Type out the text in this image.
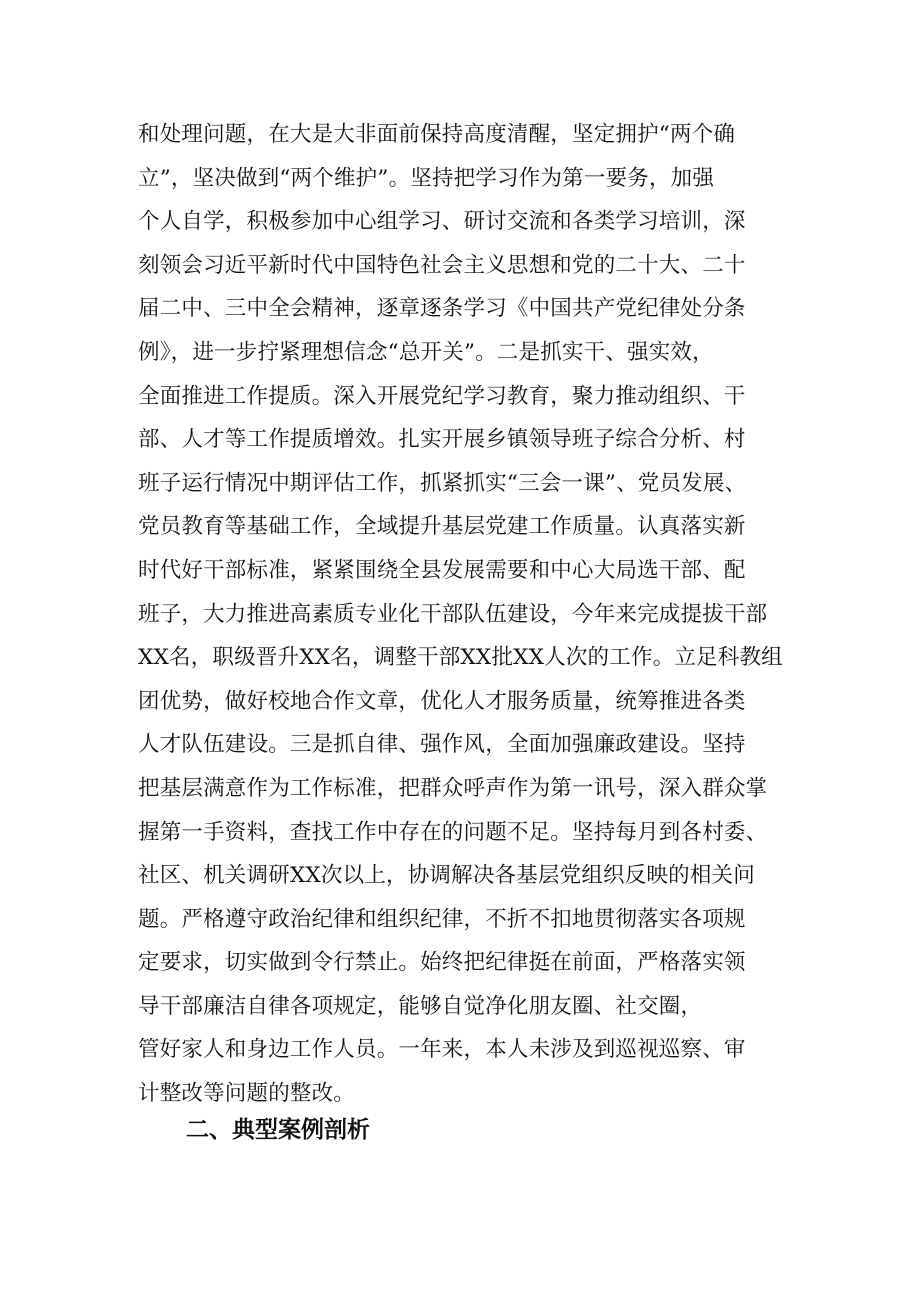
和处理问题，在大是大非面前保持高度清醒，坚定拥护“两个确
立”，坚决做到“两个维护”。坚持把学习作为第一要务，加强
个人自学，积极参加中心组学习、研讨交流和各类学习培训，深
刻领会习近平新时代中国特色社会主义思想和党的二十大、二十
届二中、三中全会精神，逐章逐条学习《中国共产党纪律处分条
例》，进一步拧紧理想信念“总开关”。二是抓实干、强实效，
全面推进工作提质。深入开展党纪学习教育，聚力推动组织、干
部、人才等工作提质增效。扎实开展乡镇领导班子综合分析、村
班子运行情况中期评估工作，抓紧抓实“三会一课”、党员发展、
党员教育等基础工作，全域提升基层党建工作质量。认真落实新
时代好干部标准，紧紧围绕全县发展需要和中心大局选干部、配
班子，大力推进高素质专业化干部队伍建设，今年来完成提拔干部
XX名，职级晋升XX名，调整干部XX批XX人次的工作。立足科教组
团优势，做好校地合作文章，优化人才服务质量，统筹推进各类
人才队伍建设。三是抓自律、强作风，全面加强廉政建设。坚持
把基层满意作为工作标准，把群众呼声作为第一讯号，深入群众掌
握第一手资料，查找工作中存在的问题不足。坚持每月到各村委、
社区、机关调研XX次以上，协调解决各基层党组织反映的相关问
题。严格遵守政治纪律和组织纪律，不折不扣地贯彻落实各项规
定要求，切实做到令行禁止。始终把纪律挺在前面，严格落实领
导干部廉洁自律各项规定，能够自觉净化朋友圈、社交圈，
管好家人和身边工作人员。一年来，本人未涉及到巡视巡察、审
计整改等问题的整改。
二、典型案例剖析
